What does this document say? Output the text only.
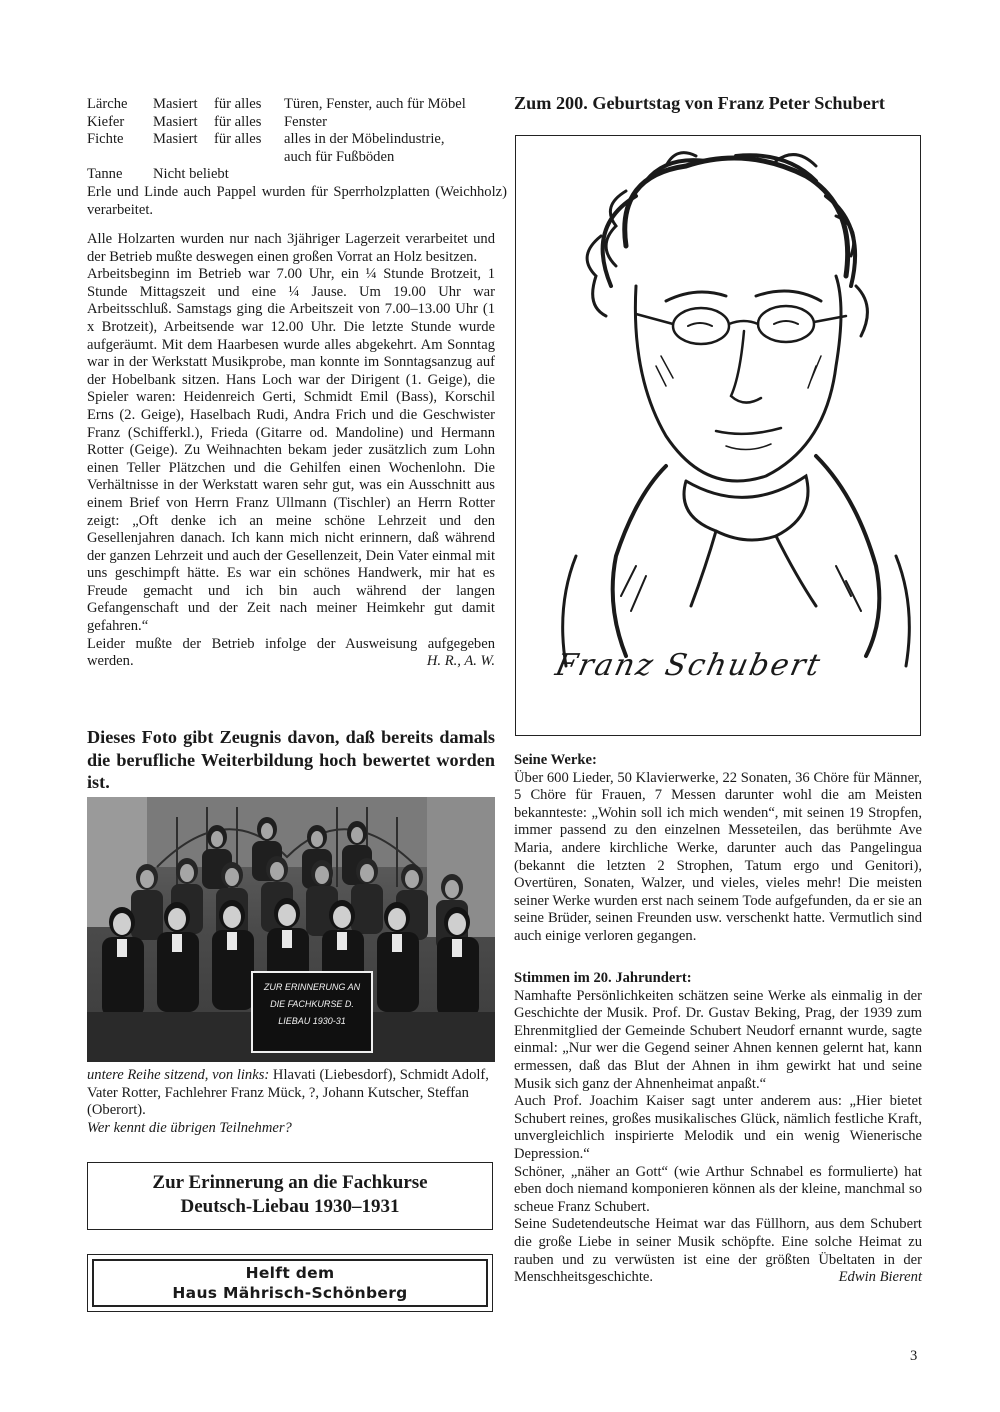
Lärche	Masiert	für alles	Türen, Fenster, auch für Möbel
Kiefer	Masiert	für alles	Fenster
Fichte	Masiert	für alles	alles in der Möbelindustrie,
auch für Fußböden
Tanne	Nicht beliebt
Erle und Linde auch Pappel wurden für Sperrholzplatten (Weichholz) verarbeitet.
Alle Holzarten wurden nur nach 3jähriger Lagerzeit verarbeitet und der Betrieb mußte deswegen einen großen Vorrat an Holz besitzen.
Arbeitsbeginn im Betrieb war 7.00 Uhr, ein ¼ Stunde Brotzeit, 1 Stunde Mittagszeit und eine ¼ Jause. Um 19.00 Uhr war Arbeitsschluß. Samstags ging die Arbeitszeit von 7.00–13.00 Uhr (1 x Brotzeit), Arbeitsende war 12.00 Uhr. Die letzte Stunde wurde aufgeräumt. Mit dem Haarbesen wurde alles abgekehrt. Am Sonntag war in der Werkstatt Musikprobe, man konnte im Sonntagsanzug auf der Hobelbank sitzen. Hans Loch war der Dirigent (1. Geige), die Spieler waren: Heidenreich Gerti, Schmidt Emil (Bass), Korschil Erns (2. Geige), Haselbach Rudi, Andra Frich und die Geschwister Franz (Schifferkl.), Frieda (Gitarre od. Mandoline) und Hermann Rotter (Geige). Zu Weihnachten bekam jeder zusätzlich zum Lohn einen Teller Plätzchen und die Gehilfen einen Wochenlohn. Die Verhältnisse in der Werkstatt waren sehr gut, was ein Ausschnitt aus einem Brief von Herrn Franz Ullmann (Tischler) an Herrn Rotter zeigt: „Oft denke ich an meine schöne Lehrzeit und den Gesellenjahren danach. Ich kann mich nicht erinnern, daß während der ganzen Lehrzeit und auch der Gesellenzeit, Dein Vater einmal mit uns geschimpft hätte. Es war ein schönes Handwerk, mir hat es Freude gemacht und ich bin auch während der langen Gefangenschaft und der Zeit nach meiner Heimkehr gut damit gefahren.“
Leider mußte der Betrieb infolge der Ausweisung aufgegeben werden.	H. R., A. W.
Dieses Foto gibt Zeugnis davon, daß bereits damals die berufliche Weiterbildung hoch bewertet worden ist.
ZUR ERINNERUNG AN DIE FACHKURSE D. LIEBAU 1930-31
untere Reihe sitzend, von links: Hlavati (Liebesdorf), Schmidt Adolf, Vater Rotter, Fachlehrer Franz Mück, ?, Johann Kutscher, Steffan (Oberort).
Wer kennt die übrigen Teilnehmer?
Zur Erinnerung an die Fachkurse
Deutsch-Liebau 1930–1931
Helft dem
Haus Mährisch-Schönberg
Zum 200. Geburtstag von Franz Peter Schubert
Franz Schubert
Seine Werke:
Über 600 Lieder, 50 Klavierwerke, 22 Sonaten, 36 Chöre für Männer, 5 Chöre für Frauen, 7 Messen darunter wohl die am Meisten bekannteste: „Wohin soll ich mich wenden“, mit seinen 19 Stropfen, immer passend zu den einzelnen Messeteilen, das berühmte Ave Maria, andere kirchliche Werke, darunter auch das Pangelingua (bekannt die letzten 2 Strophen, Tatum ergo und Genitori), Overtüren, Sonaten, Walzer, und vieles, vieles mehr! Die meisten seiner Werke wurden erst nach seinem Tode aufgefunden, da er sie an seine Brüder, seinen Freunden usw. verschenkt hatte. Vermutlich sind auch einige verloren gegangen.
Stimmen im 20. Jahrundert:
Namhafte Persönlichkeiten schätzen seine Werke als einmalig in der Geschichte der Musik. Prof. Dr. Gustav Beking, Prag, der 1939 zum Ehrenmitglied der Gemeinde Schubert Neudorf ernannt wurde, sagte einmal: „Nur wer die Gegend seiner Ahnen kennen gelernt hat, kann ermessen, daß das Blut der Ahnen in ihm gewirkt hat und seine Musik sich ganz der Ahnenheimat anpaßt.“
Auch Prof. Joachim Kaiser sagt unter anderem aus: „Hier bietet Schubert reines, großes musikalisches Glück, nämlich festliche Kraft, unvergleichlich inspirierte Melodik und ein wenig Wienerische Depression.“
Schöner, „näher an Gott“ (wie Arthur Schnabel es formulierte) hat eben doch niemand komponieren können als der kleine, manchmal so scheue Franz Schubert.
Seine Sudetendeutsche Heimat war das Füllhorn, aus dem Schubert die große Liebe in seiner Musik schöpfte. Eine solche Heimat zu rauben und zu verwüsten ist eine der größten Übeltaten in der Menschheitsgeschichte.	Edwin Bierent
3
